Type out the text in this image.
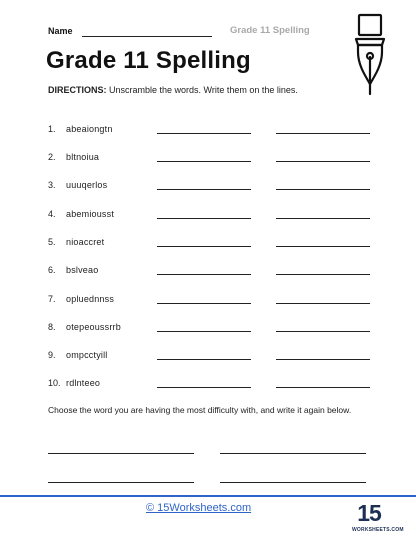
Name	Grade 11 Spelling
Grade 11 Spelling
DIRECTIONS: Unscramble the words. Write them on the lines.
1. abeaiongtn
2. bltnoiua
3. uuuqerlos
4. abemiousst
5. nioaccret
6. bslveao
7. opluednnss
8. otepeoussrrb
9. ompcctyill
10. rdlnteeo

Choose the word you are having the most difficulty with, and write it again below.

© 15Worksheets.com	15
WORKSHEETS.COM
